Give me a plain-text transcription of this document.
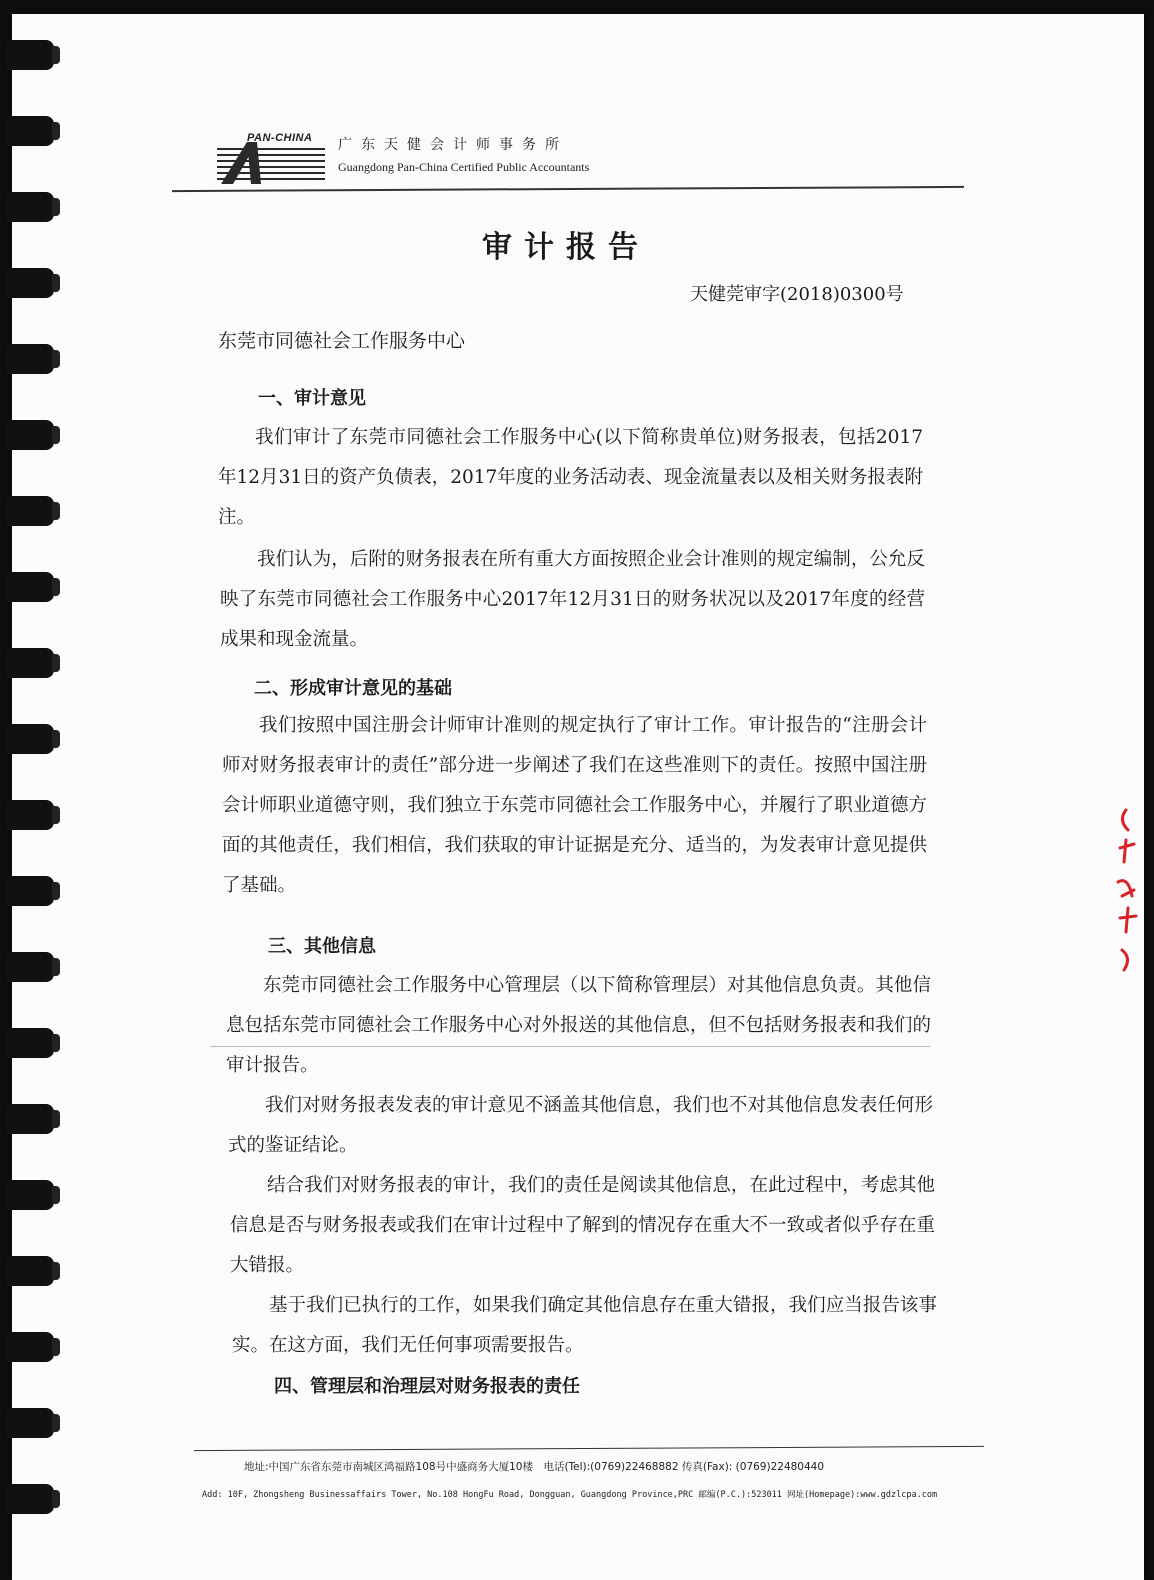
PAN-CHINA 广东天健会计师事务所
Guangdong Pan-China Certified Public Accountants
审计报告
天健莞审字(2018)0300号
东莞市同德社会工作服务中心
一、审计意见
我们审计了东莞市同德社会工作服务中心(以下简称贵单位)财务报表，包括2017年12月31日的资产负债表，2017年度的业务活动表、现金流量表以及相关财务报表附注。
我们认为，后附的财务报表在所有重大方面按照企业会计准则的规定编制，公允反映了东莞市同德社会工作服务中心2017年12月31日的财务状况以及2017年度的经营成果和现金流量。
二、形成审计意见的基础
我们按照中国注册会计师审计准则的规定执行了审计工作。审计报告的“注册会计师对财务报表审计的责任”部分进一步阐述了我们在这些准则下的责任。按照中国注册会计师职业道德守则，我们独立于东莞市同德社会工作服务中心，并履行了职业道德方面的其他责任，我们相信，我们获取的审计证据是充分、适当的，为发表审计意见提供了基础。
三、其他信息
东莞市同德社会工作服务中心管理层（以下简称管理层）对其他信息负责。其他信息包括东莞市同德社会工作服务中心对外报送的其他信息，但不包括财务报表和我们的审计报告。
我们对财务报表发表的审计意见不涵盖其他信息，我们也不对其他信息发表任何形式的鉴证结论。
结合我们对财务报表的审计，我们的责任是阅读其他信息，在此过程中，考虑其他信息是否与财务报表或我们在审计过程中了解到的情况存在重大不一致或者似乎存在重大错报。
基于我们已执行的工作，如果我们确定其他信息存在重大错报，我们应当报告该事实。在这方面，我们无任何事项需要报告。
四、管理层和治理层对财务报表的责任
地址:中国广东省东莞市南城区鸿福路108号中盛商务大厦10楼　电话(Tel):(0769)22468882 传真(Fax): (0769)22480440
Add: 10F, Zhongsheng Businessaffairs Tower, No.108 HongFu Road, Dongguan, Guangdong Province,PRC 邮编(P.C.):523011 网址(Homepage):www.gdzlcpa.com
